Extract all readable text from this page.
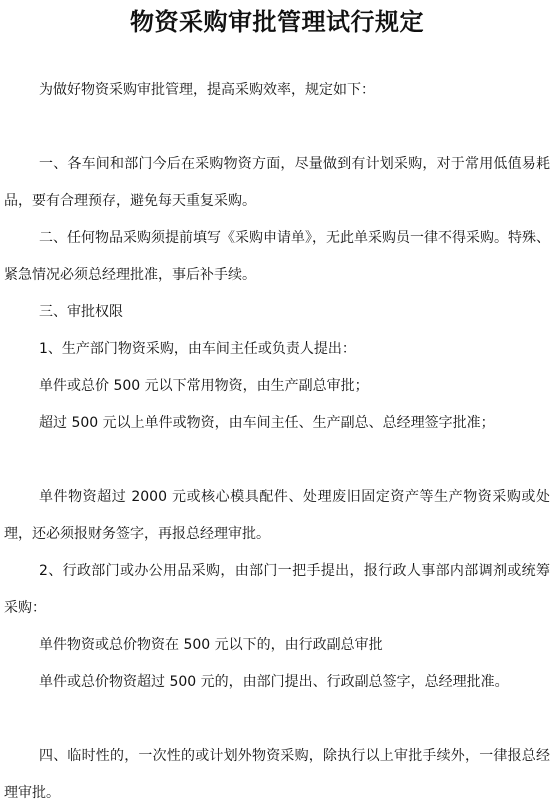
物资采购审批管理试行规定

为做好物资采购审批管理，提高采购效率，规定如下：

一、各车间和部门今后在采购物资方面，尽量做到有计划采购，对于常用低值易耗品，要有合理预存，避免每天重复采购。

二、任何物品采购须提前填写《采购申请单》，无此单采购员一律不得采购。特殊、紧急情况必须总经理批准，事后补手续。

三、审批权限

1、生产部门物资采购，由车间主任或负责人提出：

单件或总价 500 元以下常用物资，由生产副总审批；

超过 500 元以上单件或物资，由车间主任、生产副总、总经理签字批准；

单件物资超过 2000 元或核心模具配件、处理废旧固定资产等生产物资采购或处理，还必须报财务签字，再报总经理审批。

2、行政部门或办公用品采购，由部门一把手提出，报行政人事部内部调剂或统筹采购：

单件物资或总价物资在 500 元以下的，由行政副总审批

单件或总价物资超过 500 元的，由部门提出、行政副总签字，总经理批准。

四、临时性的，一次性的或计划外物资采购，除执行以上审批手续外，一律报总经理审批。
